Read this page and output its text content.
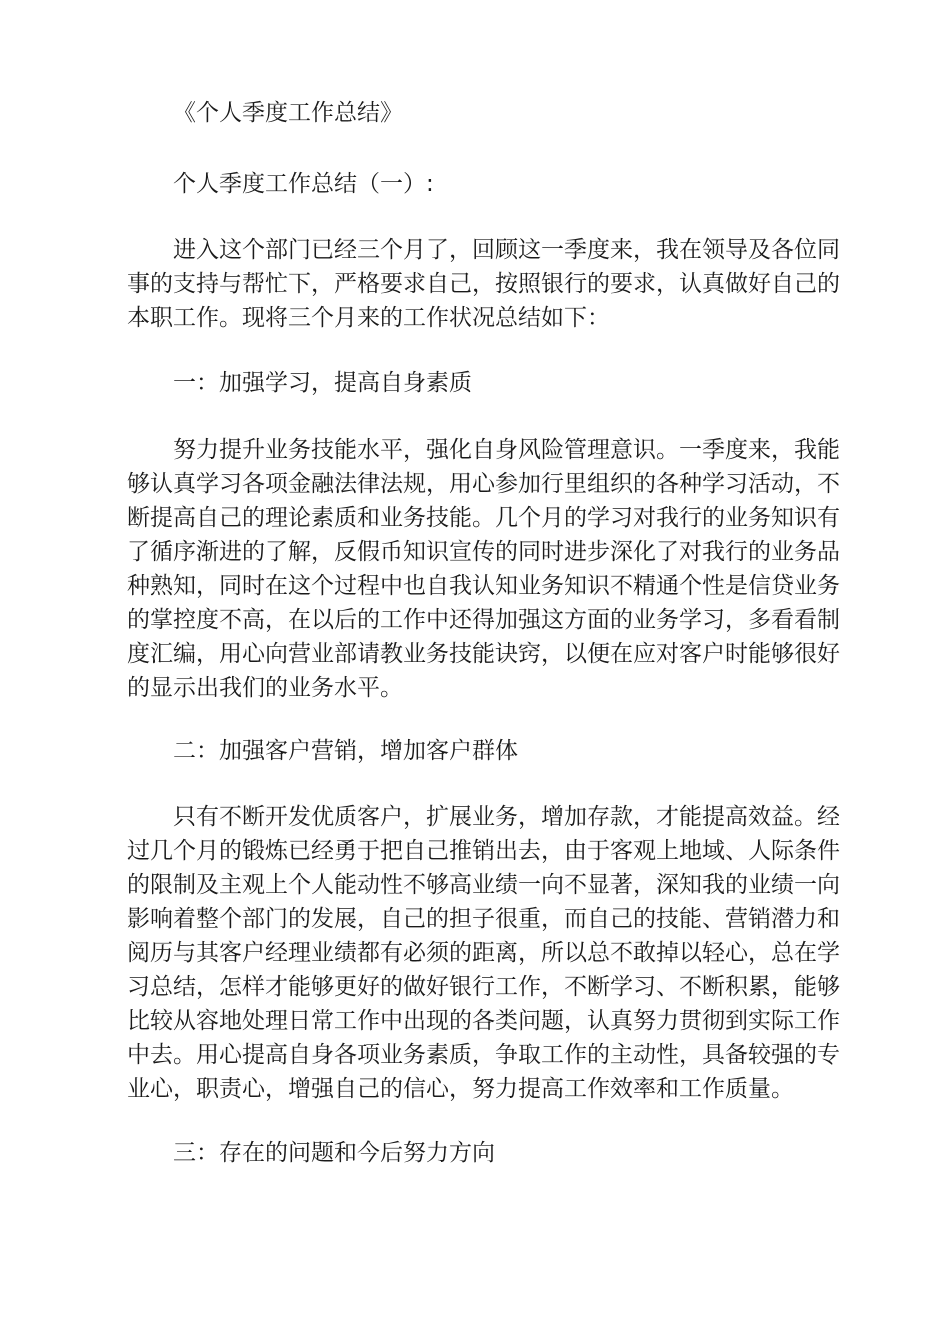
《个人季度工作总结》

个人季度工作总结（一）:

进入这个部门已经三个月了，回顾这一季度来，我在领导及各位同

事的支持与帮忙下，严格要求自己，按照银行的要求，认真做好自己的

本职工作。现将三个月来的工作状况总结如下：

一：加强学习，提高自身素质

努力提升业务技能水平，强化自身风险管理意识。一季度来，我能

够认真学习各项金融法律法规，用心参加行里组织的各种学习活动，不

断提高自己的理论素质和业务技能。几个月的学习对我行的业务知识有

了循序渐进的了解，反假币知识宣传的同时进步深化了对我行的业务品

种熟知，同时在这个过程中也自我认知业务知识不精通个性是信贷业务

的掌控度不高，在以后的工作中还得加强这方面的业务学习，多看看制

度汇编，用心向营业部请教业务技能诀窍，以便在应对客户时能够很好

的显示出我们的业务水平。

二：加强客户营销，增加客户群体

只有不断开发优质客户，扩展业务，增加存款，才能提高效益。经

过几个月的锻炼已经勇于把自己推销出去，由于客观上地域、人际条件

的限制及主观上个人能动性不够高业绩一向不显著，深知我的业绩一向

影响着整个部门的发展，自己的担子很重，而自己的技能、营销潜力和

阅历与其客户经理业绩都有必须的距离，所以总不敢掉以轻心，总在学

习总结，怎样才能够更好的做好银行工作，不断学习、不断积累，能够

比较从容地处理日常工作中出现的各类问题，认真努力贯彻到实际工作

中去。用心提高自身各项业务素质，争取工作的主动性，具备较强的专

业心，职责心，增强自己的信心，努力提高工作效率和工作质量。

三：存在的问题和今后努力方向
